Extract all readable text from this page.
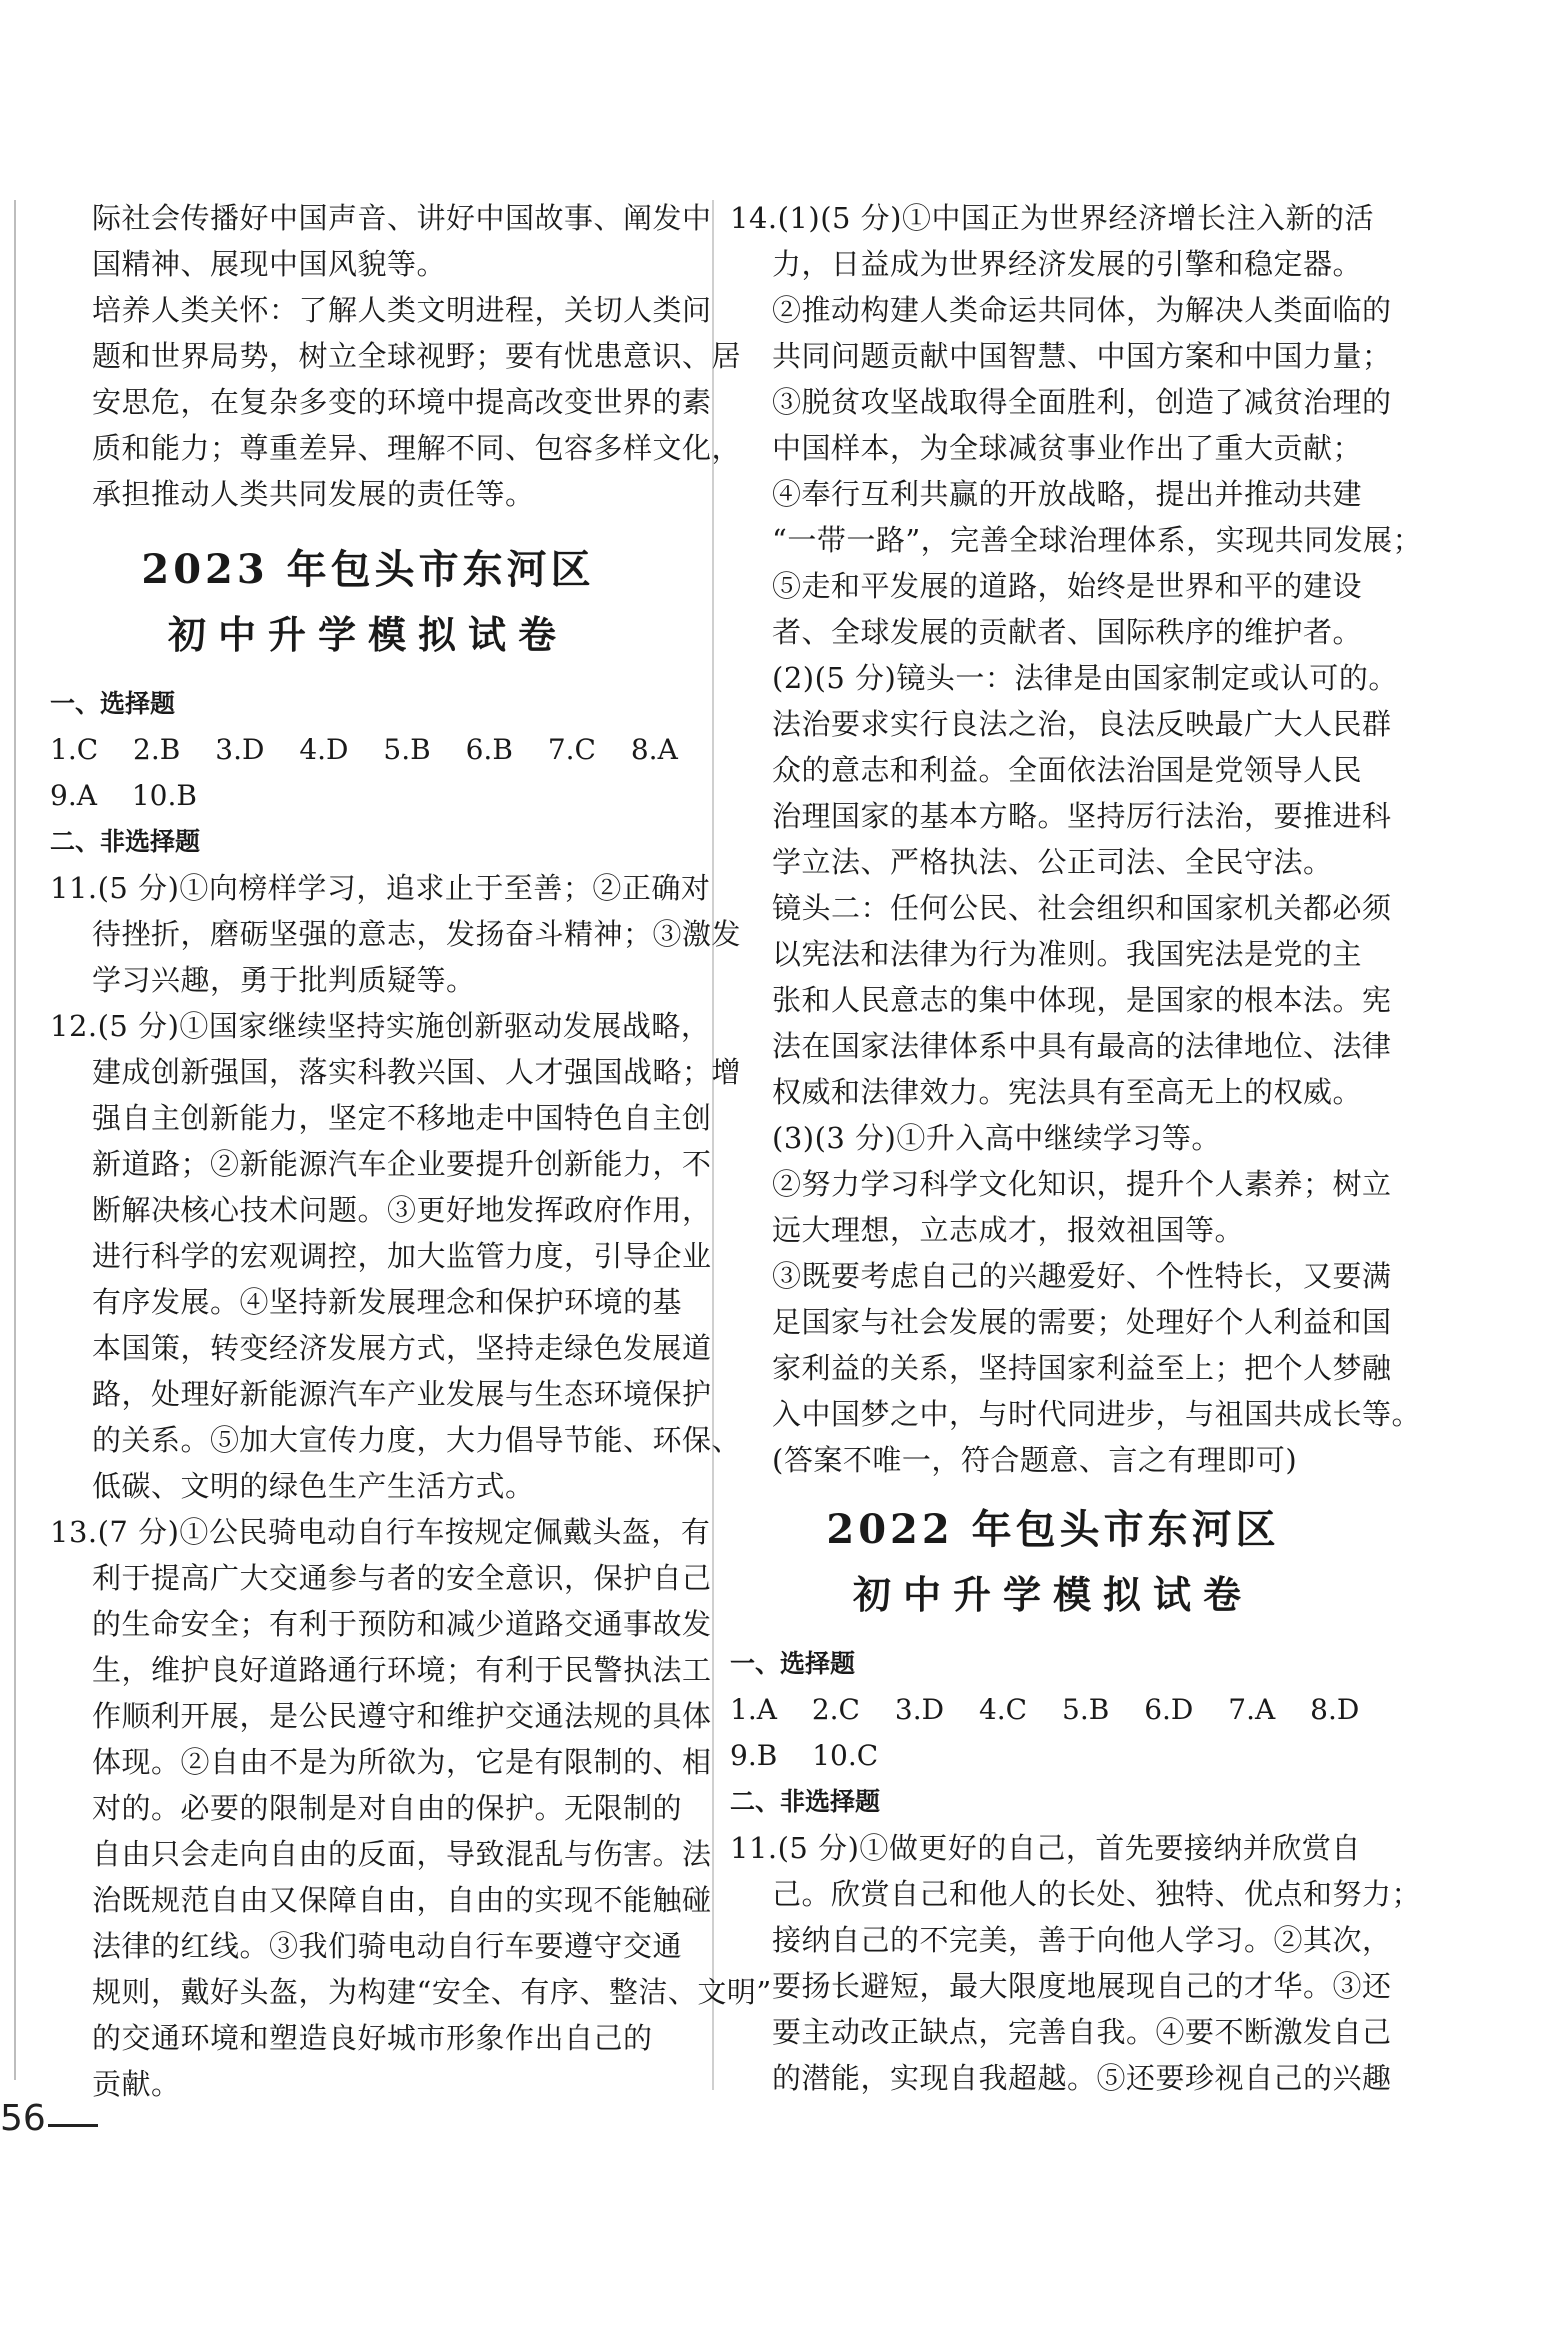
际社会传播好中国声音、讲好中国故事、阐发中
国精神、展现中国风貌等。
培养人类关怀：了解人类文明进程，关切人类问
题和世界局势，树立全球视野；要有忧患意识、居
安思危，在复杂多变的环境中提高改变世界的素
质和能力；尊重差异、理解不同、包容多样文化，
承担推动人类共同发展的责任等。
2023 年包头市东河区
初中升学模拟试卷
一、选择题
1.C 2.B 3.D 4.D 5.B 6.B 7.C 8.A
9.A 10.B
二、非选择题
11.(5 分)①向榜样学习，追求止于至善；②正确对
待挫折，磨砺坚强的意志，发扬奋斗精神；③激发
学习兴趣，勇于批判质疑等。
12.(5 分)①国家继续坚持实施创新驱动发展战略，
建成创新强国，落实科教兴国、人才强国战略；增
强自主创新能力，坚定不移地走中国特色自主创
新道路；②新能源汽车企业要提升创新能力，不
断解决核心技术问题。③更好地发挥政府作用，
进行科学的宏观调控，加大监管力度，引导企业
有序发展。④坚持新发展理念和保护环境的基
本国策，转变经济发展方式，坚持走绿色发展道
路，处理好新能源汽车产业发展与生态环境保护
的关系。⑤加大宣传力度，大力倡导节能、环保、
低碳、文明的绿色生产生活方式。
13.(7 分)①公民骑电动自行车按规定佩戴头盔，有
利于提高广大交通参与者的安全意识，保护自己
的生命安全；有利于预防和减少道路交通事故发
生，维护良好道路通行环境；有利于民警执法工
作顺利开展，是公民遵守和维护交通法规的具体
体现。②自由不是为所欲为，它是有限制的、相
对的。必要的限制是对自由的保护。无限制的
自由只会走向自由的反面，导致混乱与伤害。法
治既规范自由又保障自由，自由的实现不能触碰
法律的红线。③我们骑电动自行车要遵守交通
规则，戴好头盔，为构建“安全、有序、整洁、文明”
的交通环境和塑造良好城市形象作出自己的
贡献。
14.(1)(5 分)①中国正为世界经济增长注入新的活
力，日益成为世界经济发展的引擎和稳定器。
②推动构建人类命运共同体，为解决人类面临的
共同问题贡献中国智慧、中国方案和中国力量；
③脱贫攻坚战取得全面胜利，创造了减贫治理的
中国样本，为全球减贫事业作出了重大贡献；
④奉行互利共赢的开放战略，提出并推动共建
“一带一路”，完善全球治理体系，实现共同发展；
⑤走和平发展的道路，始终是世界和平的建设
者、全球发展的贡献者、国际秩序的维护者。
(2)(5 分)镜头一：法律是由国家制定或认可的。
法治要求实行良法之治，良法反映最广大人民群
众的意志和利益。全面依法治国是党领导人民
治理国家的基本方略。坚持厉行法治，要推进科
学立法、严格执法、公正司法、全民守法。
镜头二：任何公民、社会组织和国家机关都必须
以宪法和法律为行为准则。我国宪法是党的主
张和人民意志的集中体现，是国家的根本法。宪
法在国家法律体系中具有最高的法律地位、法律
权威和法律效力。宪法具有至高无上的权威。
(3)(3 分)①升入高中继续学习等。
②努力学习科学文化知识，提升个人素养；树立
远大理想，立志成才，报效祖国等。
③既要考虑自己的兴趣爱好、个性特长，又要满
足国家与社会发展的需要；处理好个人利益和国
家利益的关系，坚持国家利益至上；把个人梦融
入中国梦之中，与时代同进步，与祖国共成长等。
(答案不唯一，符合题意、言之有理即可)
2022 年包头市东河区
初中升学模拟试卷
一、选择题
1.A 2.C 3.D 4.C 5.B 6.D 7.A 8.D
9.B 10.C
二、非选择题
11.(5 分)①做更好的自己，首先要接纳并欣赏自
己。欣赏自己和他人的长处、独特、优点和努力；
接纳自己的不完美，善于向他人学习。②其次，
要扬长避短，最大限度地展现自己的才华。③还
要主动改正缺点，完善自我。④要不断激发自己
的潜能，实现自我超越。⑤还要珍视自己的兴趣
56
